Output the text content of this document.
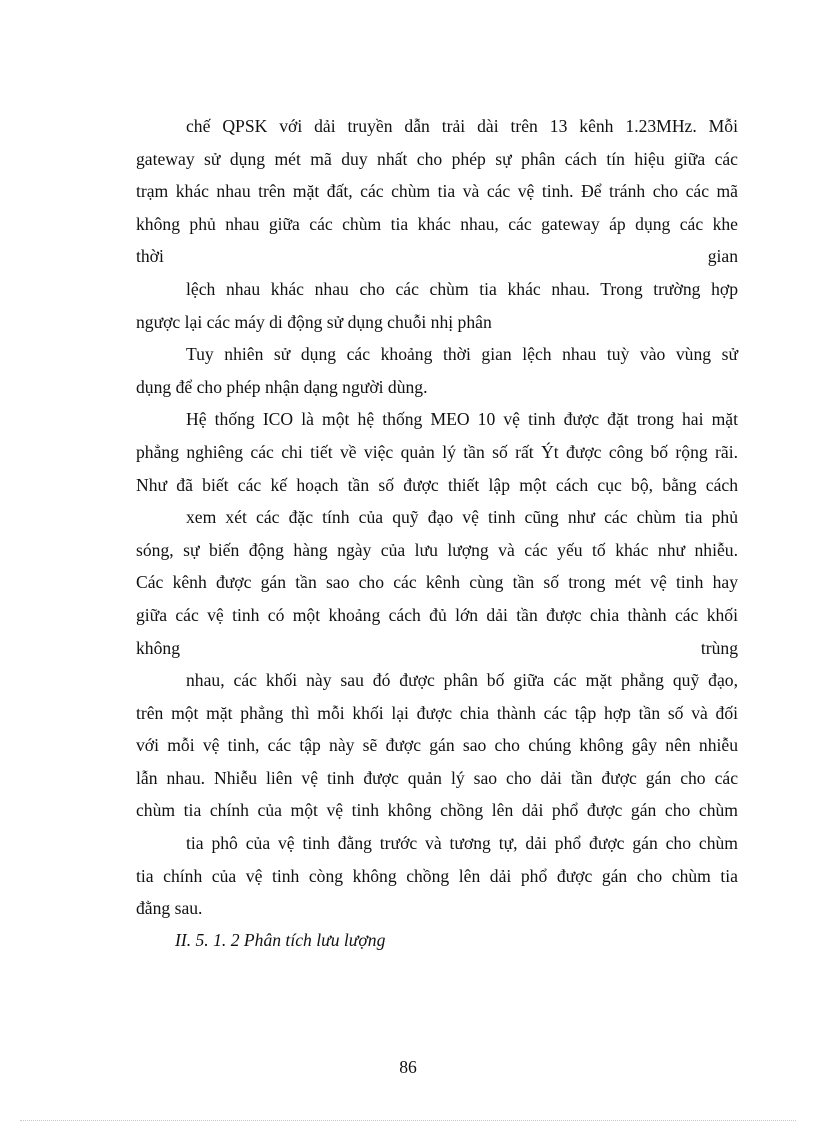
chế QPSK với dải truyền dẫn trải dài trên 13 kênh 1.23MHz. Mỗi
gateway sử dụng mét mã duy nhất cho phép sự phân cách tín hiệu giữa các
trạm khác nhau trên mặt đất, các chùm tia và các vệ tinh. Để tránh cho các mã
không phủ nhau giữa các chùm tia khác nhau, các gateway áp dụng các khe
thời gian
lệch nhau khác nhau cho các chùm tia khác nhau. Trong trường hợp
ngược lại các máy di động sử dụng chuỗi nhị phân
Tuy nhiên sử dụng các khoảng thời gian lệch nhau tuỳ vào vùng sử
dụng để cho phép nhận dạng người dùng.
Hệ thống ICO là một hệ thống MEO 10 vệ tinh được đặt trong hai mặt
phẳng nghiêng các chi tiết về việc quản lý tần số rất Ýt được công bố rộng rãi.
Như đã biết các kế hoạch tần số được thiết lập một cách cục bộ, bằng cách
xem xét các đặc tính của quỹ đạo vệ tinh cũng như các chùm tia phủ
sóng, sự biến động hàng ngày của lưu lượng và các yếu tố khác như nhiễu.
Các kênh được gán tần sao cho các kênh cùng tần số trong mét vệ tinh hay
giữa các vệ tinh có một khoảng cách đủ lớn dải tần được chia thành các khối
không trùng
nhau, các khối này sau đó được phân bố giữa các mặt phẳng quỹ đạo,
trên một mặt phẳng thì mỗi khối lại được chia thành các tập hợp tần số và đối
với mỗi vệ tinh, các tập này sẽ được gán sao cho chúng không gây nên nhiễu
lẫn nhau. Nhiễu liên vệ tinh được quản lý sao cho dải tần được gán cho các
chùm tia chính của một vệ tinh không chồng lên dải phổ được gán cho chùm
tia phô của vệ tinh đằng trước và tương tự, dải phổ được gán cho chùm
tia chính của vệ tinh còng không chồng lên dải phổ được gán cho chùm tia
đằng sau.
II. 5. 1. 2 Phân tích lưu lượng
86
